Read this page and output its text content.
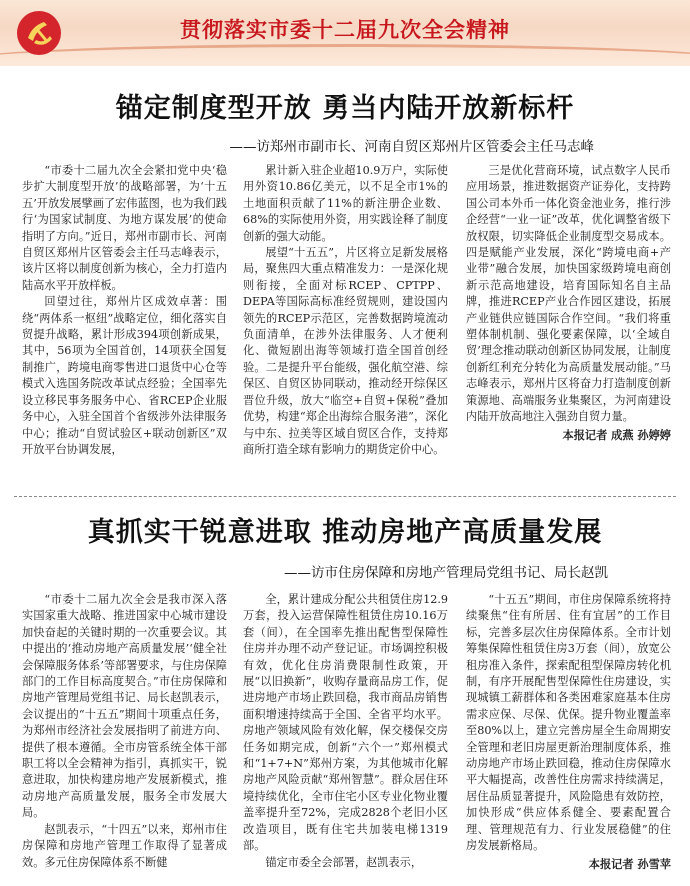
贯彻落实市委十二届九次全会精神
锚定制度型开放 勇当内陆开放新标杆
——访郑州市副市长、河南自贸区郑州片区管委会主任马志峰

“市委十二届九次全会紧扣党中央‘稳步扩大制度型开放’的战略部署，为‘十五五’开放发展擘画了宏伟蓝图，也为我们践行‘为国家试制度、为地方谋发展’的使命指明了方向。”近日，郑州市副市长、河南自贸区郑州片区管委会主任马志峰表示，该片区将以制度创新为核心，全力打造内陆高水平开放样板。

回望过往，郑州片区成效卓著：围绕“两体系一枢纽”战略定位，细化落实自贸提升战略，累计形成394项创新成果，其中，56项为全国首创，14项获全国复制推广，跨境电商零售进口退货中心仓等模式入选国务院改革试点经验；全国率先设立移民事务服务中心、省RCEP企业服务中心，入驻全国首个省级涉外法律服务中心；推动“自贸试验区+联动创新区”双开放平台协调发展，

累计新入驻企业超10.9万户，实际使用外资10.86亿美元，以不足全市1%的土地面积贡献了11%的新注册企业数、68%的实际使用外资，用实践诠释了制度创新的强大动能。

展望“十五五”，片区将立足新发展格局，聚焦四大重点精准发力：一是深化规则衔接，全面对标RCEP、CPTPP、DEPA等国际高标准经贸规则，建设国内领先的RCEP示范区，完善数据跨境流动负面清单，在涉外法律服务、人才便利化、微短剧出海等领域打造全国首创经验。二是提升平台能级，强化航空港、综保区、自贸区协同联动，推动经开综保区晋位升级，放大“临空+自贸+保税”叠加优势，构建“郑企出海综合服务港”，深化与中东、拉美等区域自贸区合作，支持郑商所打造全球有影响力的期货定价中心。

三是优化营商环境，试点数字人民币应用场景，推进数据资产证券化，支持跨国公司本外币一体化资金池业务，推行涉企经营“一业一证”改革，优化调整省级下放权限，切实降低企业制度型交易成本。四是赋能产业发展，深化“跨境电商+产业带”融合发展，加快国家级跨境电商创新示范高地建设，培育国际知名自主品牌，推进RCEP产业合作园区建设，拓展产业链供应链国际合作空间。“我们将重塑体制机制、强化要素保障，以‘全域自贸’理念推动联动创新区协同发展，让制度创新红利充分转化为高质量发展动能。”马志峰表示，郑州片区将奋力打造制度创新策源地、高端服务业集聚区，为河南建设内陆开放高地注入强劲自贸力量。

本报记者 成燕 孙婷婷

真抓实干锐意进取 推动房地产高质量发展
——访市住房保障和房地产管理局党组书记、局长赵凯

“市委十二届九次全会是我市深入落实国家重大战略、推进国家中心城市建设加快奋起的关键时期的一次重要会议。其中提出的‘推动房地产高质量发展’‘健全社会保障服务体系’等部署要求，与住房保障部门的工作目标高度契合。”市住房保障和房地产管理局党组书记、局长赵凯表示，会议提出的“十五五”期间十项重点任务，为郑州市经济社会发展指明了前进方向、提供了根本遵循。全市房管系统全体干部职工将以全会精神为指引，真抓实干，锐意进取，加快构建房地产发展新模式，推动房地产高质量发展，服务全市发展大局。

赵凯表示，“十四五”以来，郑州市住房保障和房地产管理工作取得了显著成效。多元住房保障体系不断健

全，累计建成分配公共租赁住房12.9万套，投入运营保障性租赁住房10.16万套（间），在全国率先推出配售型保障性住房并办理不动产登记证。市场调控积极有效，优化住房消费限制性政策，开展“以旧换新”，收购存量商品房工作，促进房地产市场止跌回稳，我市商品房销售面积增速持续高于全国、全省平均水平。房地产领域风险有效化解，保交楼保交房任务如期完成，创新“六个一”郑州模式和“1+7+N”郑州方案，为其他城市化解房地产风险贡献“郑州智慧”。群众居住环境持续优化，全市住宅小区专业化物业覆盖率提升至72%，完成2828个老旧小区改造项目，既有住宅共加装电梯1319部。

锚定市委全会部署，赵凯表示，

“十五五”期间，市住房保障系统将持续聚焦“住有所居、住有宜居”的工作目标，完善多层次住房保障体系。全市计划筹集保障性租赁住房3万套（间），放宽公租房准入条件，探索配租型保障房转化机制，有序开展配售型保障性住房建设，实现城镇工薪群体和各类困难家庭基本住房需求应保、尽保、优保。提升物业覆盖率至80%以上，建立完善房屋全生命周期安全管理和老旧房屋更新治理制度体系，推动房地产市场止跌回稳，推动住房保障水平大幅提高，改善性住房需求持续满足，居住品质显著提升，风险隐患有效防控，加快形成“供应体系健全、要素配置合理、管理规范有力、行业发展稳健”的住房发展新格局。

本报记者 孙雪苹
